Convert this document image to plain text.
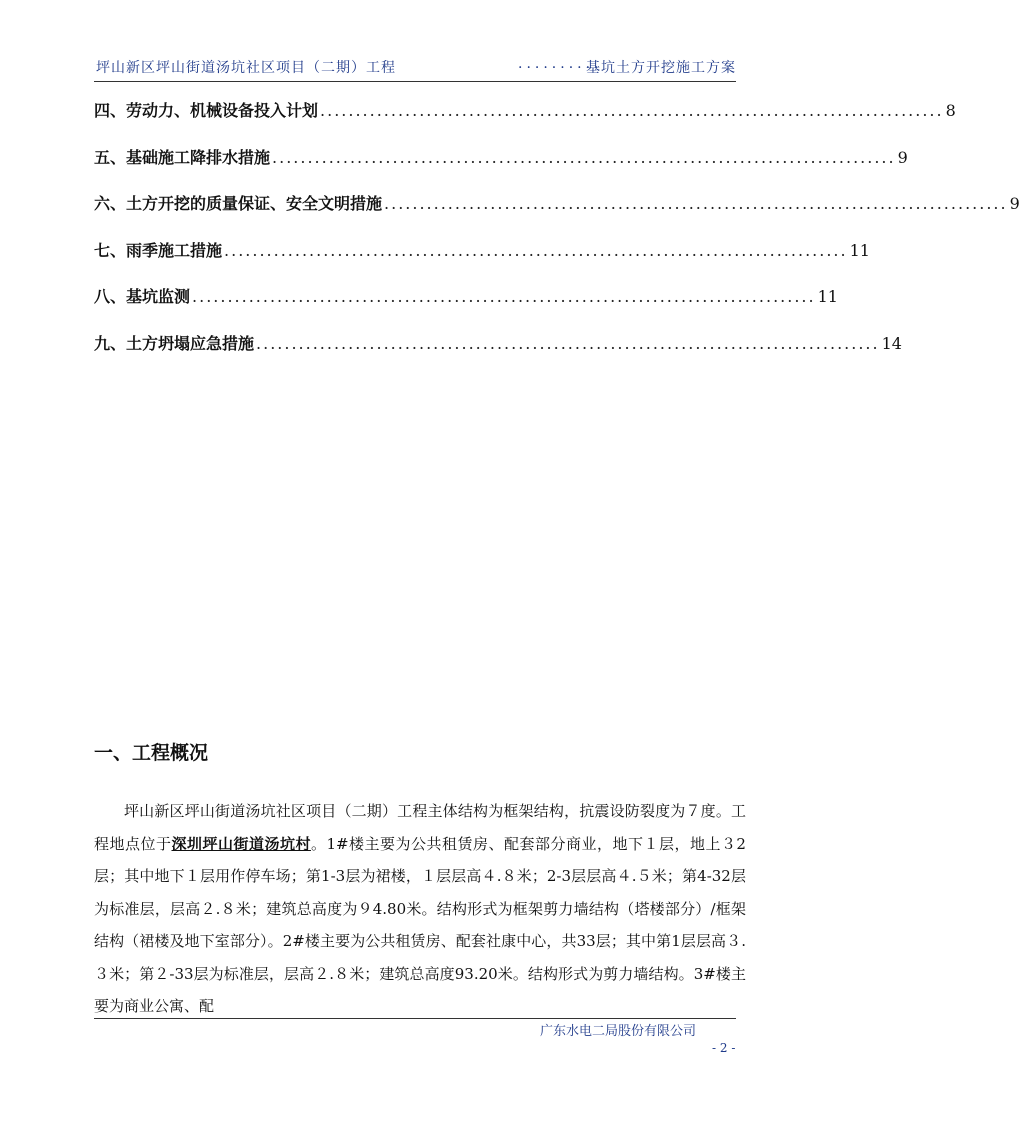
坪山新区坪山街道汤坑社区项目（二期）工程	··········
基坑土方开挖施工方案
四、劳动力、机械设备投入计划 ........................................................................................ 8
五、基础施工降排水措施 ........................................................................................ 9
六、土方开挖的质量保证、安全文明措施 ........................................................................................ 9
七、雨季施工措施 ........................................................................................ 11
八、基坑监测 ........................................................................................ 11
九、土方坍塌应急措施 ........................................................................................ 14
一、工程概况

坪山新区坪山街道汤坑社区项目（二期）工程主体结构为框架结构，抗震设防裂度为７度。工程地点位于深圳坪山街道汤坑村。1#楼主要为公共租赁房、配套部分商业，地下１层，地上３2层；其中地下１层用作停车场；第1-3层为裙楼，１层层高４.８米；2-3层层高４.５米；第4-32层为标准层，层高２.８米；建筑总高度为９4.80米。结构形式为框架剪力墙结构（塔楼部分）/框架结构（裙楼及地下室部分）。2#楼主要为公共租赁房、配套社康中心，共33层；其中第1层层高３.３米；第２-33层为标准层，层高２.８米；建筑总高度93.20米。结构形式为剪力墙结构。3#楼主要为商业公寓、配

广东水电二局股份有限公司
- 2 -
